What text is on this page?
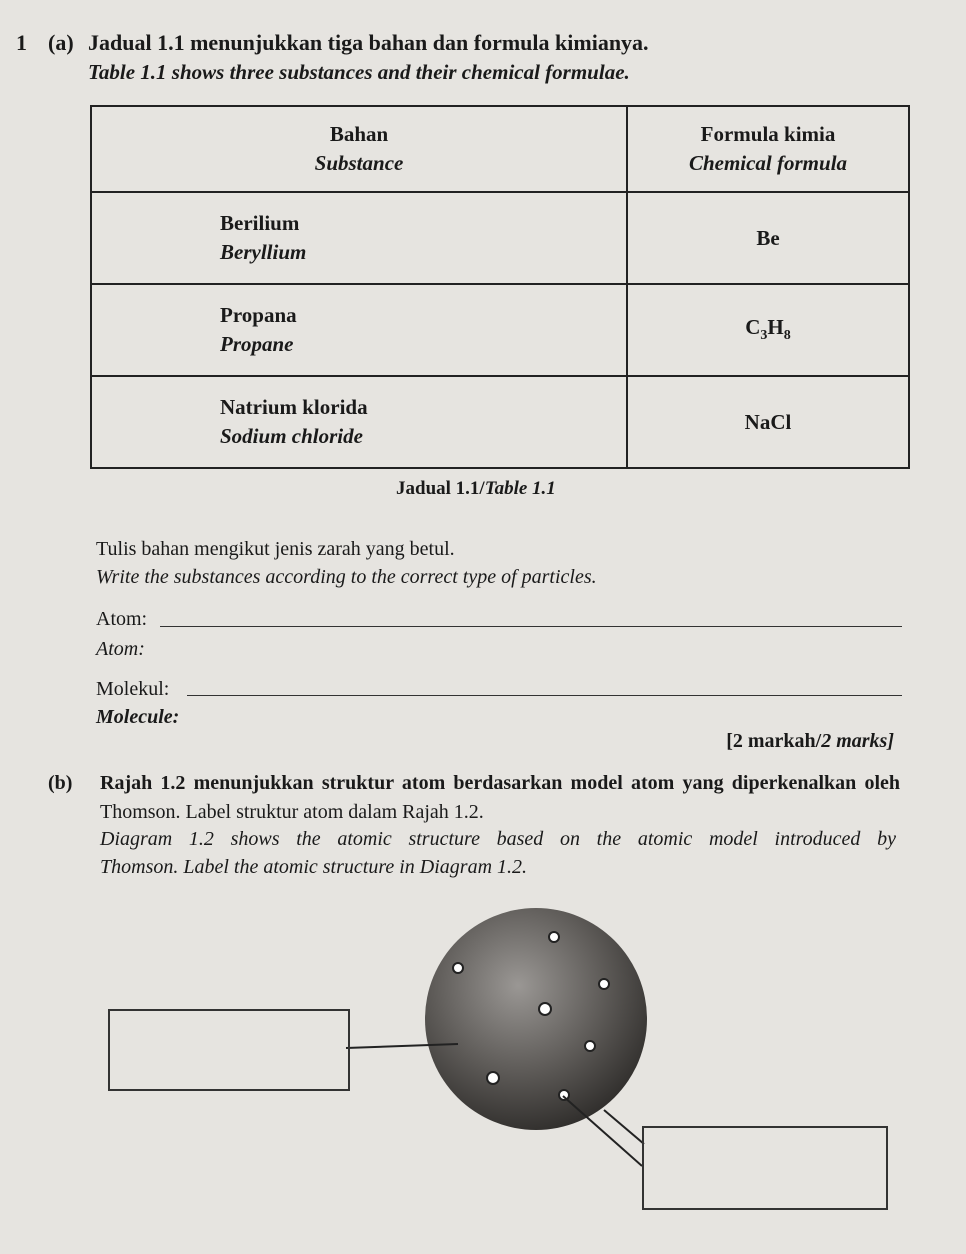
1 (a) Jadual 1.1 menunjukkan tiga bahan dan formula kimianya.
Table 1.1 shows three substances and their chemical formulae.
Bahan
Substance	Formula kimia
Chemical formula

Berilium
Beryllium	Be
Propana
Propane	$C_3H_8$
Natrium klorida
Sodium chloride	NaCl
Jadual 1.1/Table 1.1
Tulis bahan mengikut jenis zarah yang betul.
Write the substances according to the correct type of particles.
Atom:
Atom:
Molekul:
Molecule:
[2 markah/2 marks]
(b) Rajah 1.2 menunjukkan struktur atom berdasarkan model atom yang diperkenalkan oleh
Thomson. Label struktur atom dalam Rajah 1.2.
Diagram 1.2 shows the atomic structure based on the atomic model introduced by
Thomson. Label the atomic structure in Diagram 1.2.
